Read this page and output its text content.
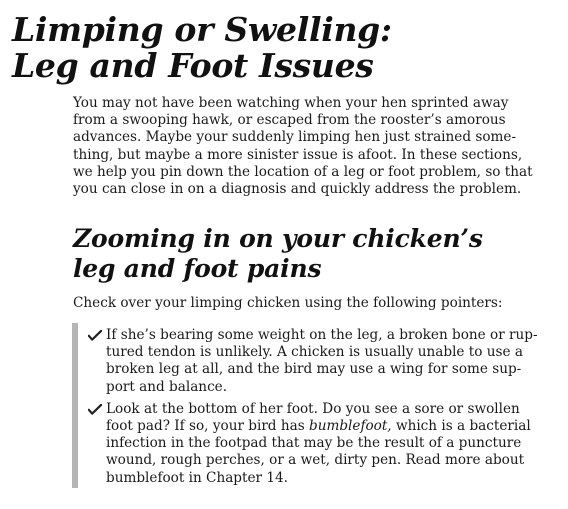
Limping or Swelling:
Leg and Foot Issues

You may not have been watching when your hen sprinted away
from a swooping hawk, or escaped from the rooster’s amorous
advances. Maybe your suddenly limping hen just strained some-
thing, but maybe a more sinister issue is afoot. In these sections,
we help you pin down the location of a leg or foot problem, so that
you can close in on a diagnosis and quickly address the problem.

Zooming in on your chicken’s
leg and foot pains

Check over your limping chicken using the following pointers:

If she’s bearing some weight on the leg, a broken bone or rup-
tured tendon is unlikely. A chicken is usually unable to use a
broken leg at all, and the bird may use a wing for some sup-
port and balance.
Look at the bottom of her foot. Do you see a sore or swollen
foot pad? If so, your bird has bumblefoot, which is a bacterial
infection in the footpad that may be the result of a puncture
wound, rough perches, or a wet, dirty pen. Read more about
bumblefoot in Chapter 14.
